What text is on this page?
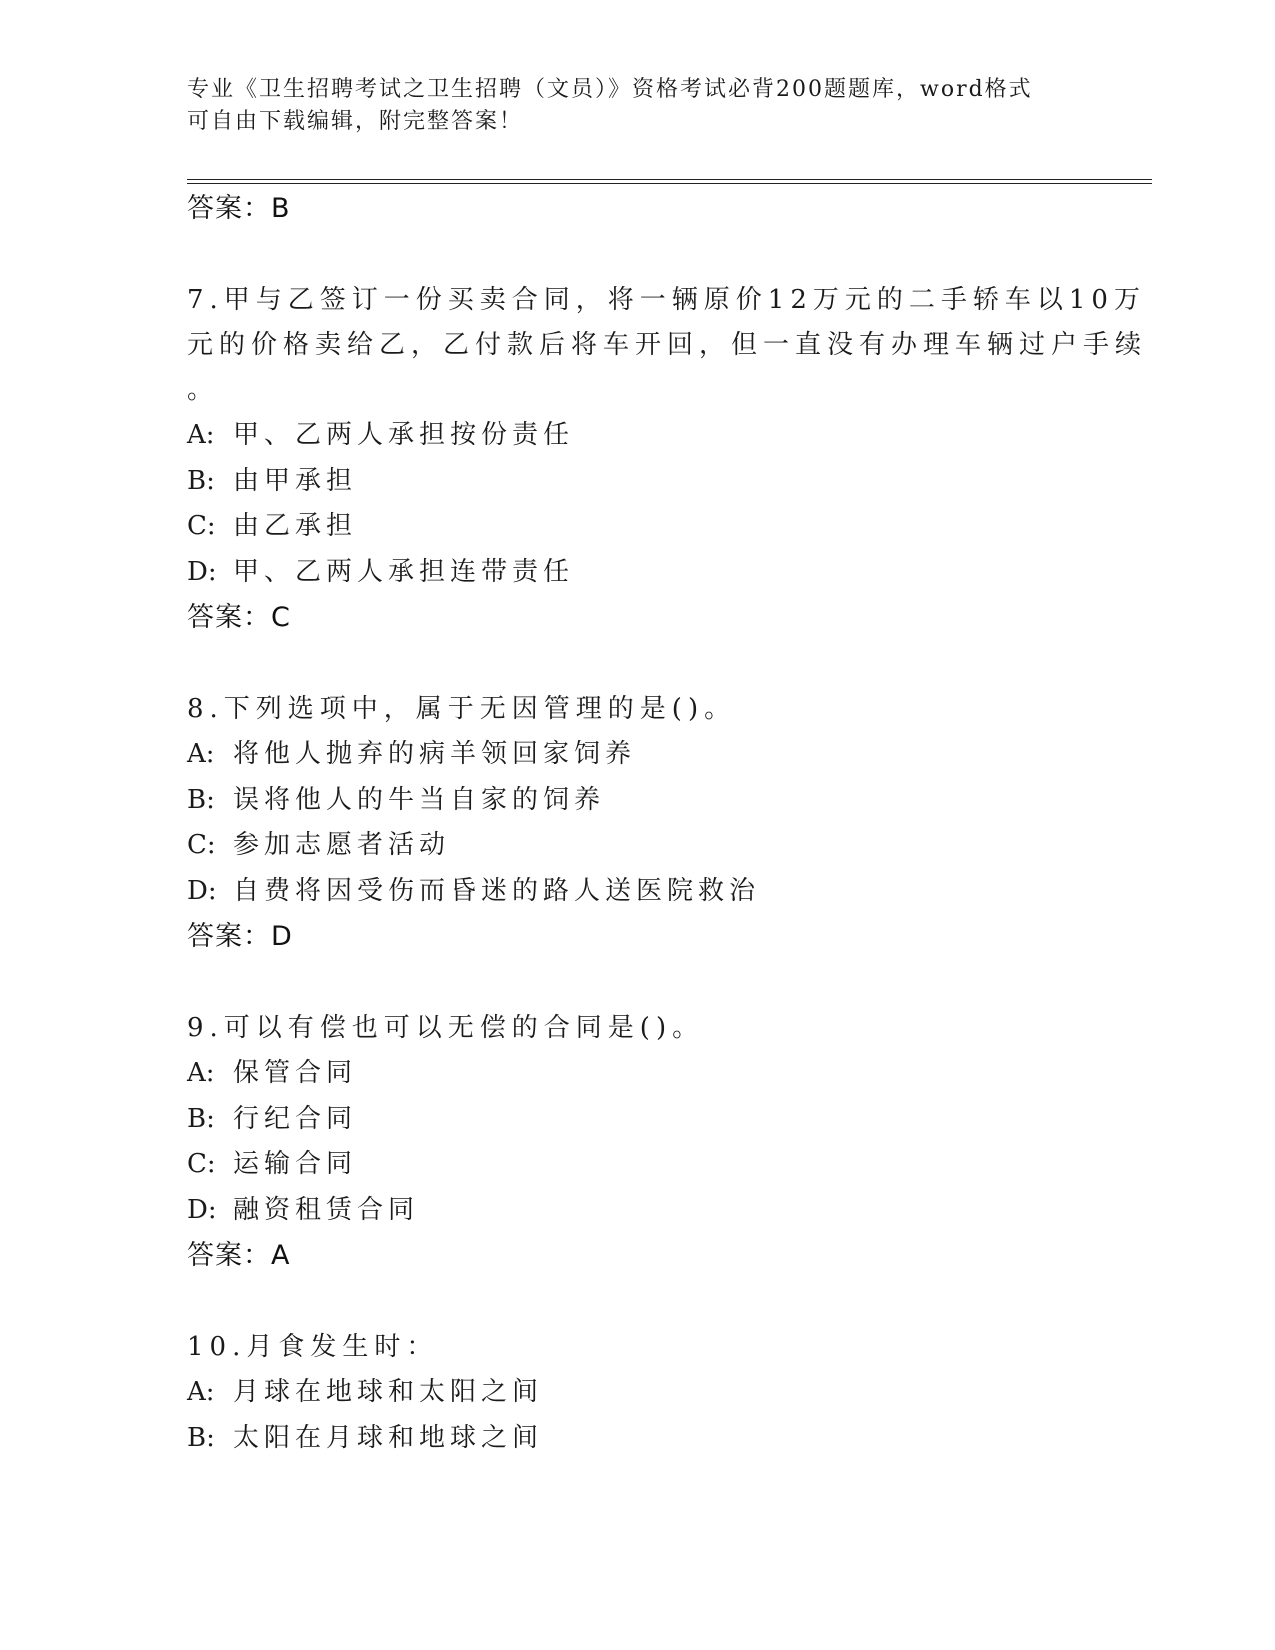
专业《卫生招聘考试之卫生招聘（文员）》资格考试必背200题题库，word格式
可自由下载编辑，附完整答案！
答案：B
7.甲与乙签订一份买卖合同，将一辆原价12万元的二手轿车以10万
元的价格卖给乙，乙付款后将车开回，但一直没有办理车辆过户手续
。
A: 甲、乙两人承担按份责任
B: 由甲承担
C: 由乙承担
D: 甲、乙两人承担连带责任
答案：C
8.下列选项中，属于无因管理的是()。
A: 将他人抛弃的病羊领回家饲养
B: 误将他人的牛当自家的饲养
C: 参加志愿者活动
D: 自费将因受伤而昏迷的路人送医院救治
答案：D
9.可以有偿也可以无偿的合同是()。
A: 保管合同
B: 行纪合同
C: 运输合同
D: 融资租赁合同
答案：A
10.月食发生时：
A: 月球在地球和太阳之间
B: 太阳在月球和地球之间
